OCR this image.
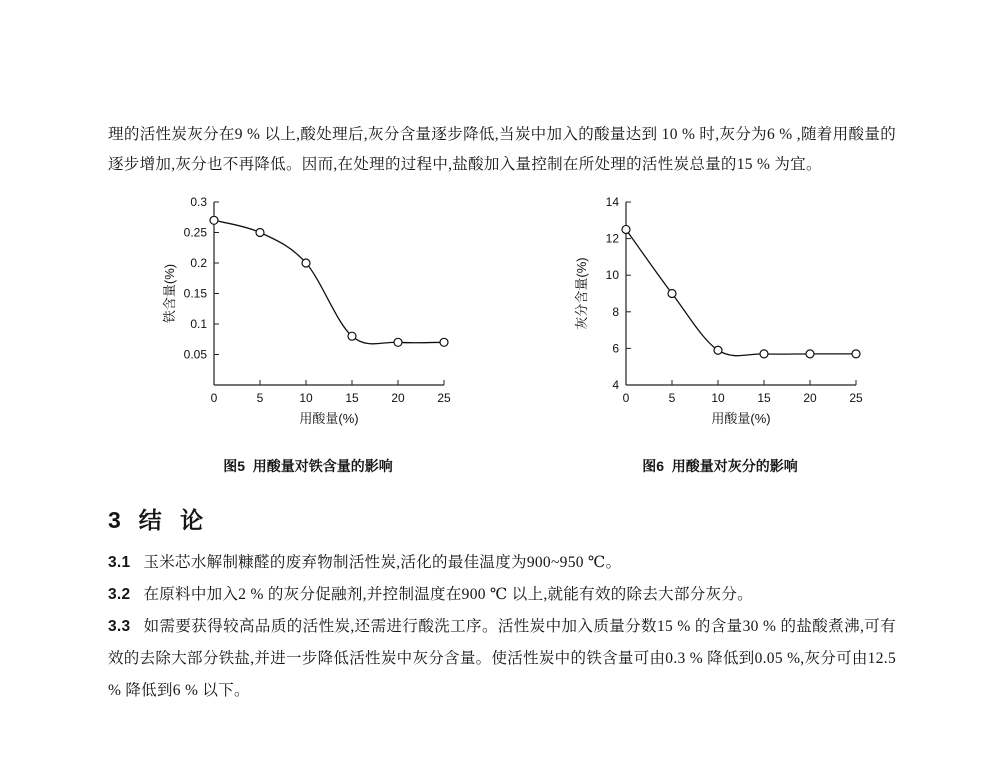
理的活性炭灰分在9 % 以上,酸处理后,灰分含量逐步降低,当炭中加入的酸量达到 10 % 时,灰分为6 % ,随着用酸量的逐步增加,灰分也不再降低。因而,在处理的过程中,盐酸加入量控制在所处理的活性炭总量的15 % 为宜。

0.05
0.1
0.15
0.2
0.25
0.3
0	5	10	15	20	25
用酸量(%)
铁含量(%)
图5  用酸量对铁含量的影响
4
6
8
10
12
14
0	5	10	15	20	25
用酸量(%)
灰分含量(%)
图6  用酸量对灰分的影响
3 结 论

3.1 玉米芯水解制糠醛的废弃物制活性炭,活化的最佳温度为900~950 ℃。

3.2 在原料中加入2 % 的灰分促融剂,并控制温度在900 ℃ 以上,就能有效的除去大部分灰分。

3.3 如需要获得较高品质的活性炭,还需进行酸洗工序。活性炭中加入质量分数15 % 的含量30 % 的盐酸煮沸,可有效的去除大部分铁盐,并进一步降低活性炭中灰分含量。使活性炭中的铁含量可由0.3 % 降低到0.05 %,灰分可由12.5 % 降低到6 % 以下。
